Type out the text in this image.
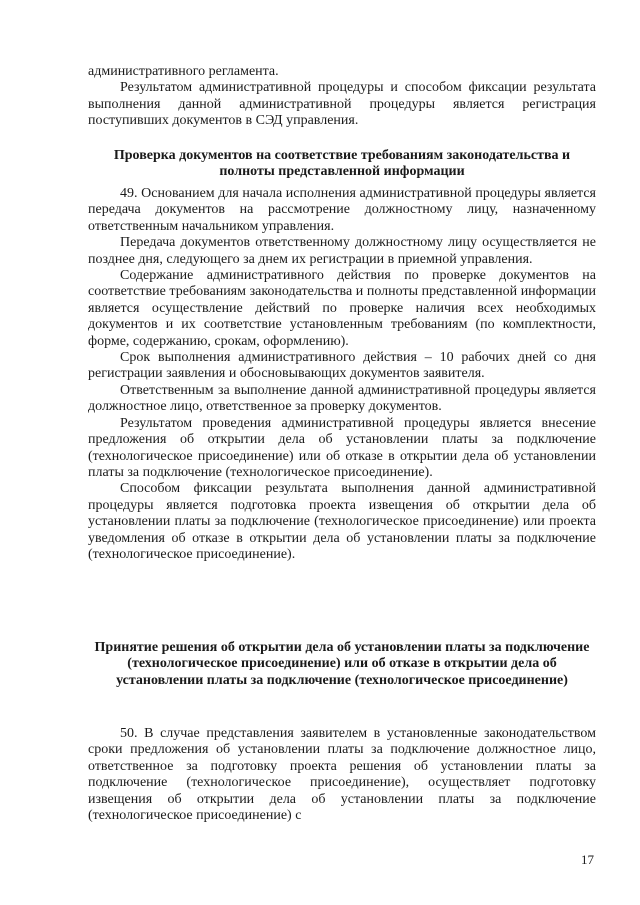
административного регламента.

Результатом административной процедуры и способом фиксации результата выполнения данной административной процедуры является регистрация поступивших документов в СЭД управления.

Проверка документов на соответствие требованиям законодательства и полноты представленной информации

49. Основанием для начала исполнения административной процедуры является передача документов на рассмотрение должностному лицу, назначенному ответственным начальником управления.

Передача документов ответственному должностному лицу осуществляется не позднее дня, следующего за днем их регистрации в приемной управления.

Содержание административного действия по проверке документов на соответствие требованиям законодательства и полноты представленной информации является осуществление действий по проверке наличия всех необходимых документов и их соответствие установленным требованиям (по комплектности, форме, содержанию, срокам, оформлению).

Срок выполнения административного действия – 10 рабочих дней со дня регистрации заявления и обосновывающих документов заявителя.

Ответственным за выполнение данной административной процедуры является должностное лицо, ответственное за проверку документов.

Результатом проведения административной процедуры является внесение предложения об открытии дела об установлении платы за подключение (технологическое присоединение) или об отказе в открытии дела об установлении платы за подключение (технологическое присоединение).

Способом фиксации результата выполнения данной административной процедуры является подготовка проекта извещения об открытии дела об установлении платы за подключение (технологическое присоединение) или проекта уведомления об отказе в открытии дела об установлении платы за подключение (технологическое присоединение).

Принятие решения об открытии дела об установлении платы за подключение (технологическое присоединение) или об отказе в открытии дела об установлении платы за подключение (технологическое присоединение)

50. В случае представления заявителем в установленные законодательством сроки предложения об установлении платы за подключение должностное лицо, ответственное за подготовку проекта решения об установлении платы за подключение (технологическое присоединение), осуществляет подготовку извещения об открытии дела об установлении платы за подключение (технологическое присоединение) с

17
